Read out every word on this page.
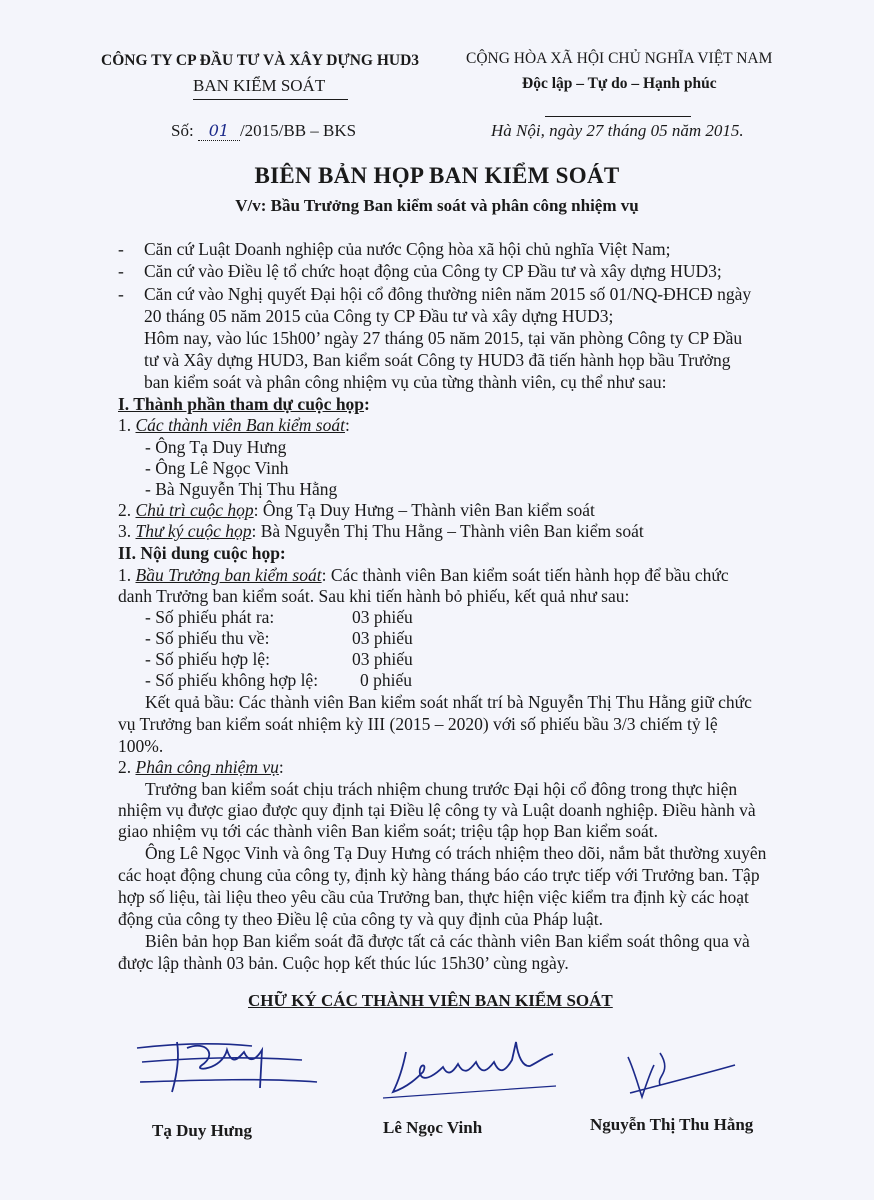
CÔNG TY CP ĐẦU TƯ VÀ XÂY DỰNG HUD3
BAN KIỂM SOÁT
CỘNG HÒA XÃ HỘI CHỦ NGHĨA VIỆT NAM
Độc lập – Tự do – Hạnh phúc
Số: 01 /2015/BB – BKS	Hà Nội, ngày 27 tháng 05 năm 2015.
BIÊN BẢN HỌP BAN KIỂM SOÁT
V/v: Bầu Trưởng Ban kiểm soát và phân công nhiệm vụ
- Căn cứ Luật Doanh nghiệp của nước Cộng hòa xã hội chủ nghĩa Việt Nam;
- Căn cứ vào Điều lệ tổ chức hoạt động của Công ty CP Đầu tư và xây dựng HUD3;
- Căn cứ vào Nghị quyết Đại hội cổ đông thường niên năm 2015 số 01/NQ-ĐHCĐ ngày
20 tháng 05 năm 2015 của Công ty CP Đầu tư và xây dựng HUD3;
Hôm nay, vào lúc 15h00’ ngày 27 tháng 05 năm 2015, tại văn phòng Công ty CP Đầu
tư và Xây dựng HUD3, Ban kiểm soát Công ty HUD3 đã tiến hành họp bầu Trưởng
ban kiểm soát và phân công nhiệm vụ của từng thành viên, cụ thể như sau:
I. Thành phần tham dự cuộc họp:
1. Các thành viên Ban kiểm soát:
- Ông Tạ Duy Hưng
- Ông Lê Ngọc Vinh
- Bà Nguyễn Thị Thu Hằng
2. Chủ trì cuộc họp: Ông Tạ Duy Hưng – Thành viên Ban kiểm soát
3. Thư ký cuộc họp: Bà Nguyễn Thị Thu Hằng – Thành viên Ban kiểm soát
II. Nội dung cuộc họp:
1. Bầu Trưởng ban kiểm soát: Các thành viên Ban kiểm soát tiến hành họp để bầu chức
danh Trưởng ban kiểm soát. Sau khi tiến hành bỏ phiếu, kết quả như sau:
- Số phiếu phát ra:	03 phiếu
- Số phiếu thu về:	03 phiếu
- Số phiếu hợp lệ:	03 phiếu
- Số phiếu không hợp lệ: 0 phiếu
Kết quả bầu: Các thành viên Ban kiểm soát nhất trí bà Nguyễn Thị Thu Hằng giữ chức
vụ Trưởng ban kiểm soát nhiệm kỳ III (2015 – 2020) với số phiếu bầu 3/3 chiếm tỷ lệ
100%.
2. Phân công nhiệm vụ:
Trưởng ban kiểm soát chịu trách nhiệm chung trước Đại hội cổ đông trong thực hiện
nhiệm vụ được giao được quy định tại Điều lệ công ty và Luật doanh nghiệp. Điều hành và
giao nhiệm vụ tới các thành viên Ban kiểm soát; triệu tập họp Ban kiểm soát.
Ông Lê Ngọc Vinh và ông Tạ Duy Hưng có trách nhiệm theo dõi, nắm bắt thường xuyên
các hoạt động chung của công ty, định kỳ hàng tháng báo cáo trực tiếp với Trưởng ban. Tập
hợp số liệu, tài liệu theo yêu cầu của Trưởng ban, thực hiện việc kiểm tra định kỳ các hoạt
động của công ty theo Điều lệ của công ty và quy định của Pháp luật.
Biên bản họp Ban kiểm soát đã được tất cả các thành viên Ban kiểm soát thông qua và
được lập thành 03 bản. Cuộc họp kết thúc lúc 15h30’ cùng ngày.
CHỮ KÝ CÁC THÀNH VIÊN BAN KIỂM SOÁT
Tạ Duy Hưng	Lê Ngọc Vinh	Nguyễn Thị Thu Hằng
